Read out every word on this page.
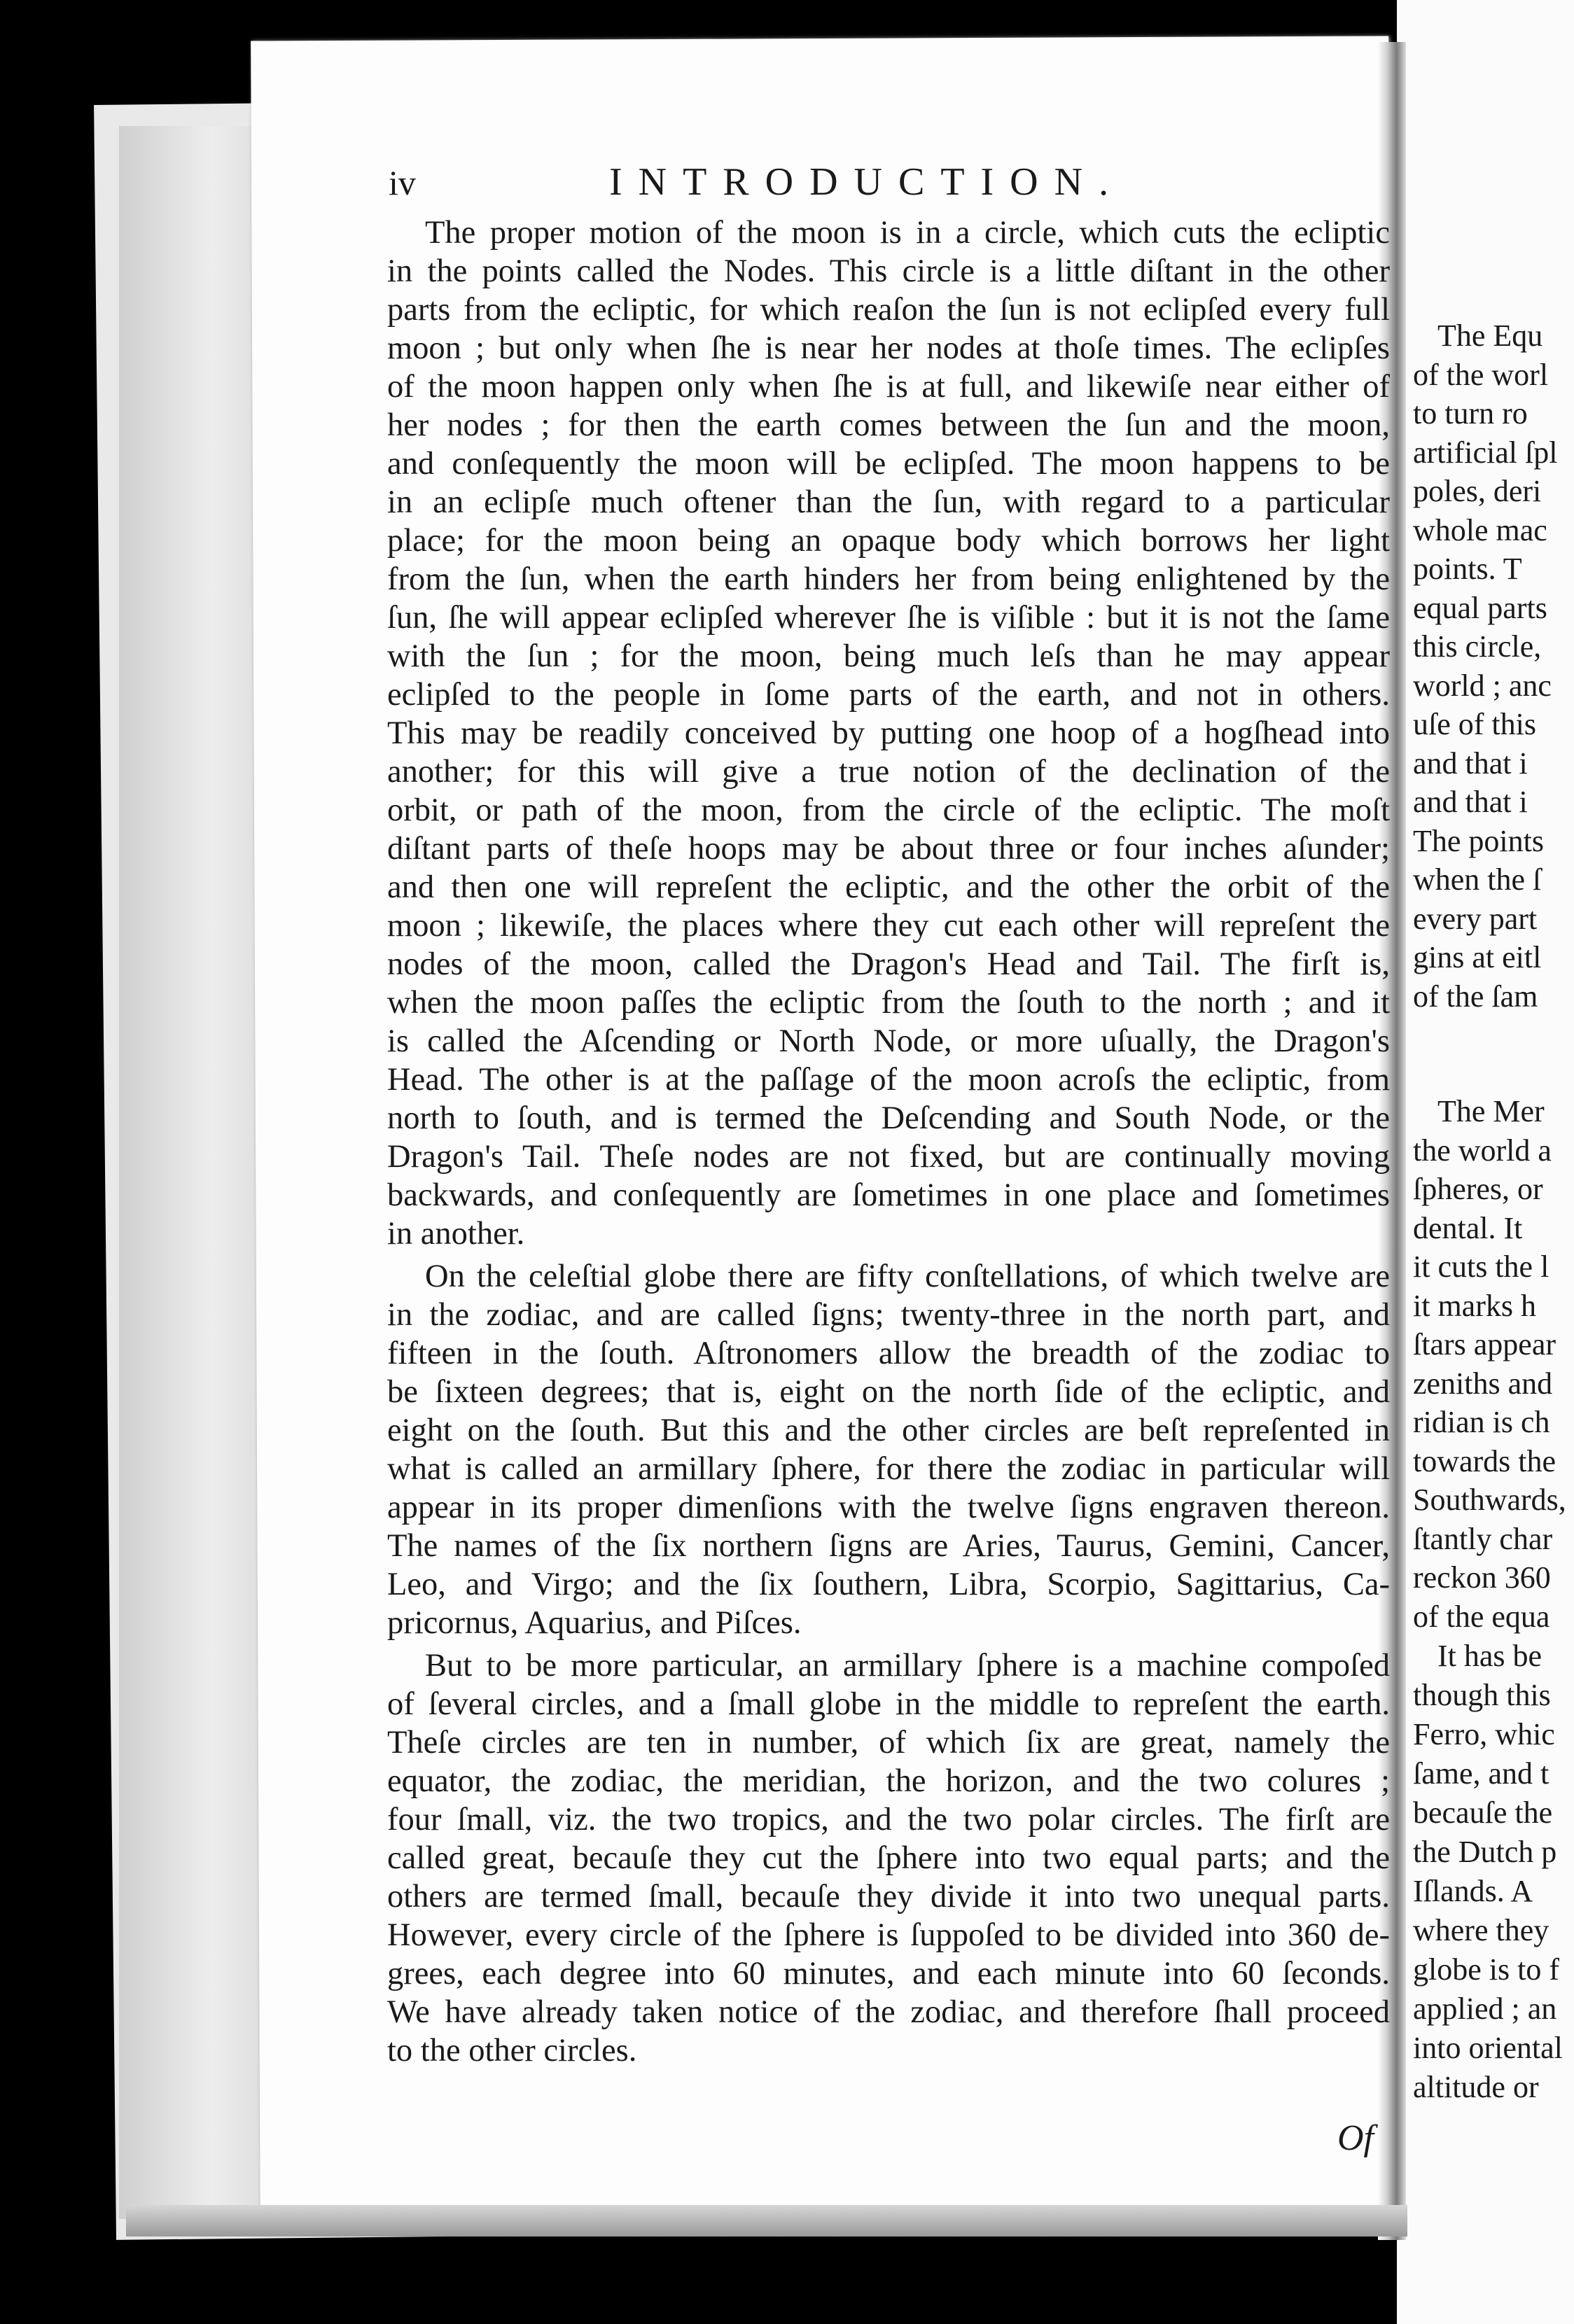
iv	INTRODUCTION.
The proper motion of the moon is in a circle, which cuts the ecliptic
in the points called the Nodes. This circle is a little diſtant in the other
parts from the ecliptic, for which reaſon the ſun is not eclipſed every full
moon ; but only when ſhe is near her nodes at thoſe times. The eclipſes
of the moon happen only when ſhe is at full, and likewiſe near either of
her nodes ; for then the earth comes between the ſun and the moon,
and conſequently the moon will be eclipſed. The moon happens to be
in an eclipſe much oftener than the ſun, with regard to a particular
place; for the moon being an opaque body which borrows her light
from the ſun, when the earth hinders her from being enlightened by the
ſun, ſhe will appear eclipſed wherever ſhe is viſible : but it is not the ſame
with the ſun ; for the moon, being much leſs than he may appear
eclipſed to the people in ſome parts of the earth, and not in others.
This may be readily conceived by putting one hoop of a hogſhead into
another; for this will give a true notion of the declination of the
orbit, or path of the moon, from the circle of the ecliptic. The moſt
diſtant parts of theſe hoops may be about three or four inches aſunder;
and then one will repreſent the ecliptic, and the other the orbit of the
moon ; likewiſe, the places where they cut each other will repreſent the
nodes of the moon, called the Dragon's Head and Tail. The firſt is,
when the moon paſſes the ecliptic from the ſouth to the north ; and it
is called the Aſcending or North Node, or more uſually, the Dragon's
Head. The other is at the paſſage of the moon acroſs the ecliptic, from
north to ſouth, and is termed the Deſcending and South Node, or the
Dragon's Tail. Theſe nodes are not fixed, but are continually moving
backwards, and conſequently are ſometimes in one place and ſometimes
in another.
On the celeſtial globe there are fifty conſtellations, of which twelve are
in the zodiac, and are called ſigns; twenty-three in the north part, and
fifteen in the ſouth. Aſtronomers allow the breadth of the zodiac to
be ſixteen degrees; that is, eight on the north ſide of the ecliptic, and
eight on the ſouth. But this and the other circles are beſt repreſented in
what is called an armillary ſphere, for there the zodiac in particular will
appear in its proper dimenſions with the twelve ſigns engraven thereon.
The names of the ſix northern ſigns are Aries, Taurus, Gemini, Cancer,
Leo, and Virgo; and the ſix ſouthern, Libra, Scorpio, Sagittarius, Ca-
pricornus, Aquarius, and Piſces.
But to be more particular, an armillary ſphere is a machine compoſed
of ſeveral circles, and a ſmall globe in the middle to repreſent the earth.
Theſe circles are ten in number, of which ſix are great, namely the
equator, the zodiac, the meridian, the horizon, and the two colures ;
four ſmall, viz. the two tropics, and the two polar circles. The firſt are
called great, becauſe they cut the ſphere into two equal parts; and the
others are termed ſmall, becauſe they divide it into two unequal parts.
However, every circle of the ſphere is ſuppoſed to be divided into 360 de-
grees, each degree into 60 minutes, and each minute into 60 ſeconds.
We have already taken notice of the zodiac, and therefore ſhall proceed
to the other circles.
Of
The Equ
of the worl
to turn ro
artificial ſpl
poles, deri
whole mac
points. T
equal parts
this circle,
world ; anc
uſe of this
and that i
and that i
The points
when the ſ
every part
gins at eitl
of the ſam
The Mer
the world a
ſpheres, or
dental. It
it cuts the l
it marks h
ſtars appear
zeniths and
ridian is ch
towards the
Southwards,
ſtantly char
reckon 360
of the equa
It has be
though this
Ferro, whic
ſame, and t
becauſe the
the Dutch p
Iſlands. A
where they
globe is to f
applied ; an
into oriental
altitude or
